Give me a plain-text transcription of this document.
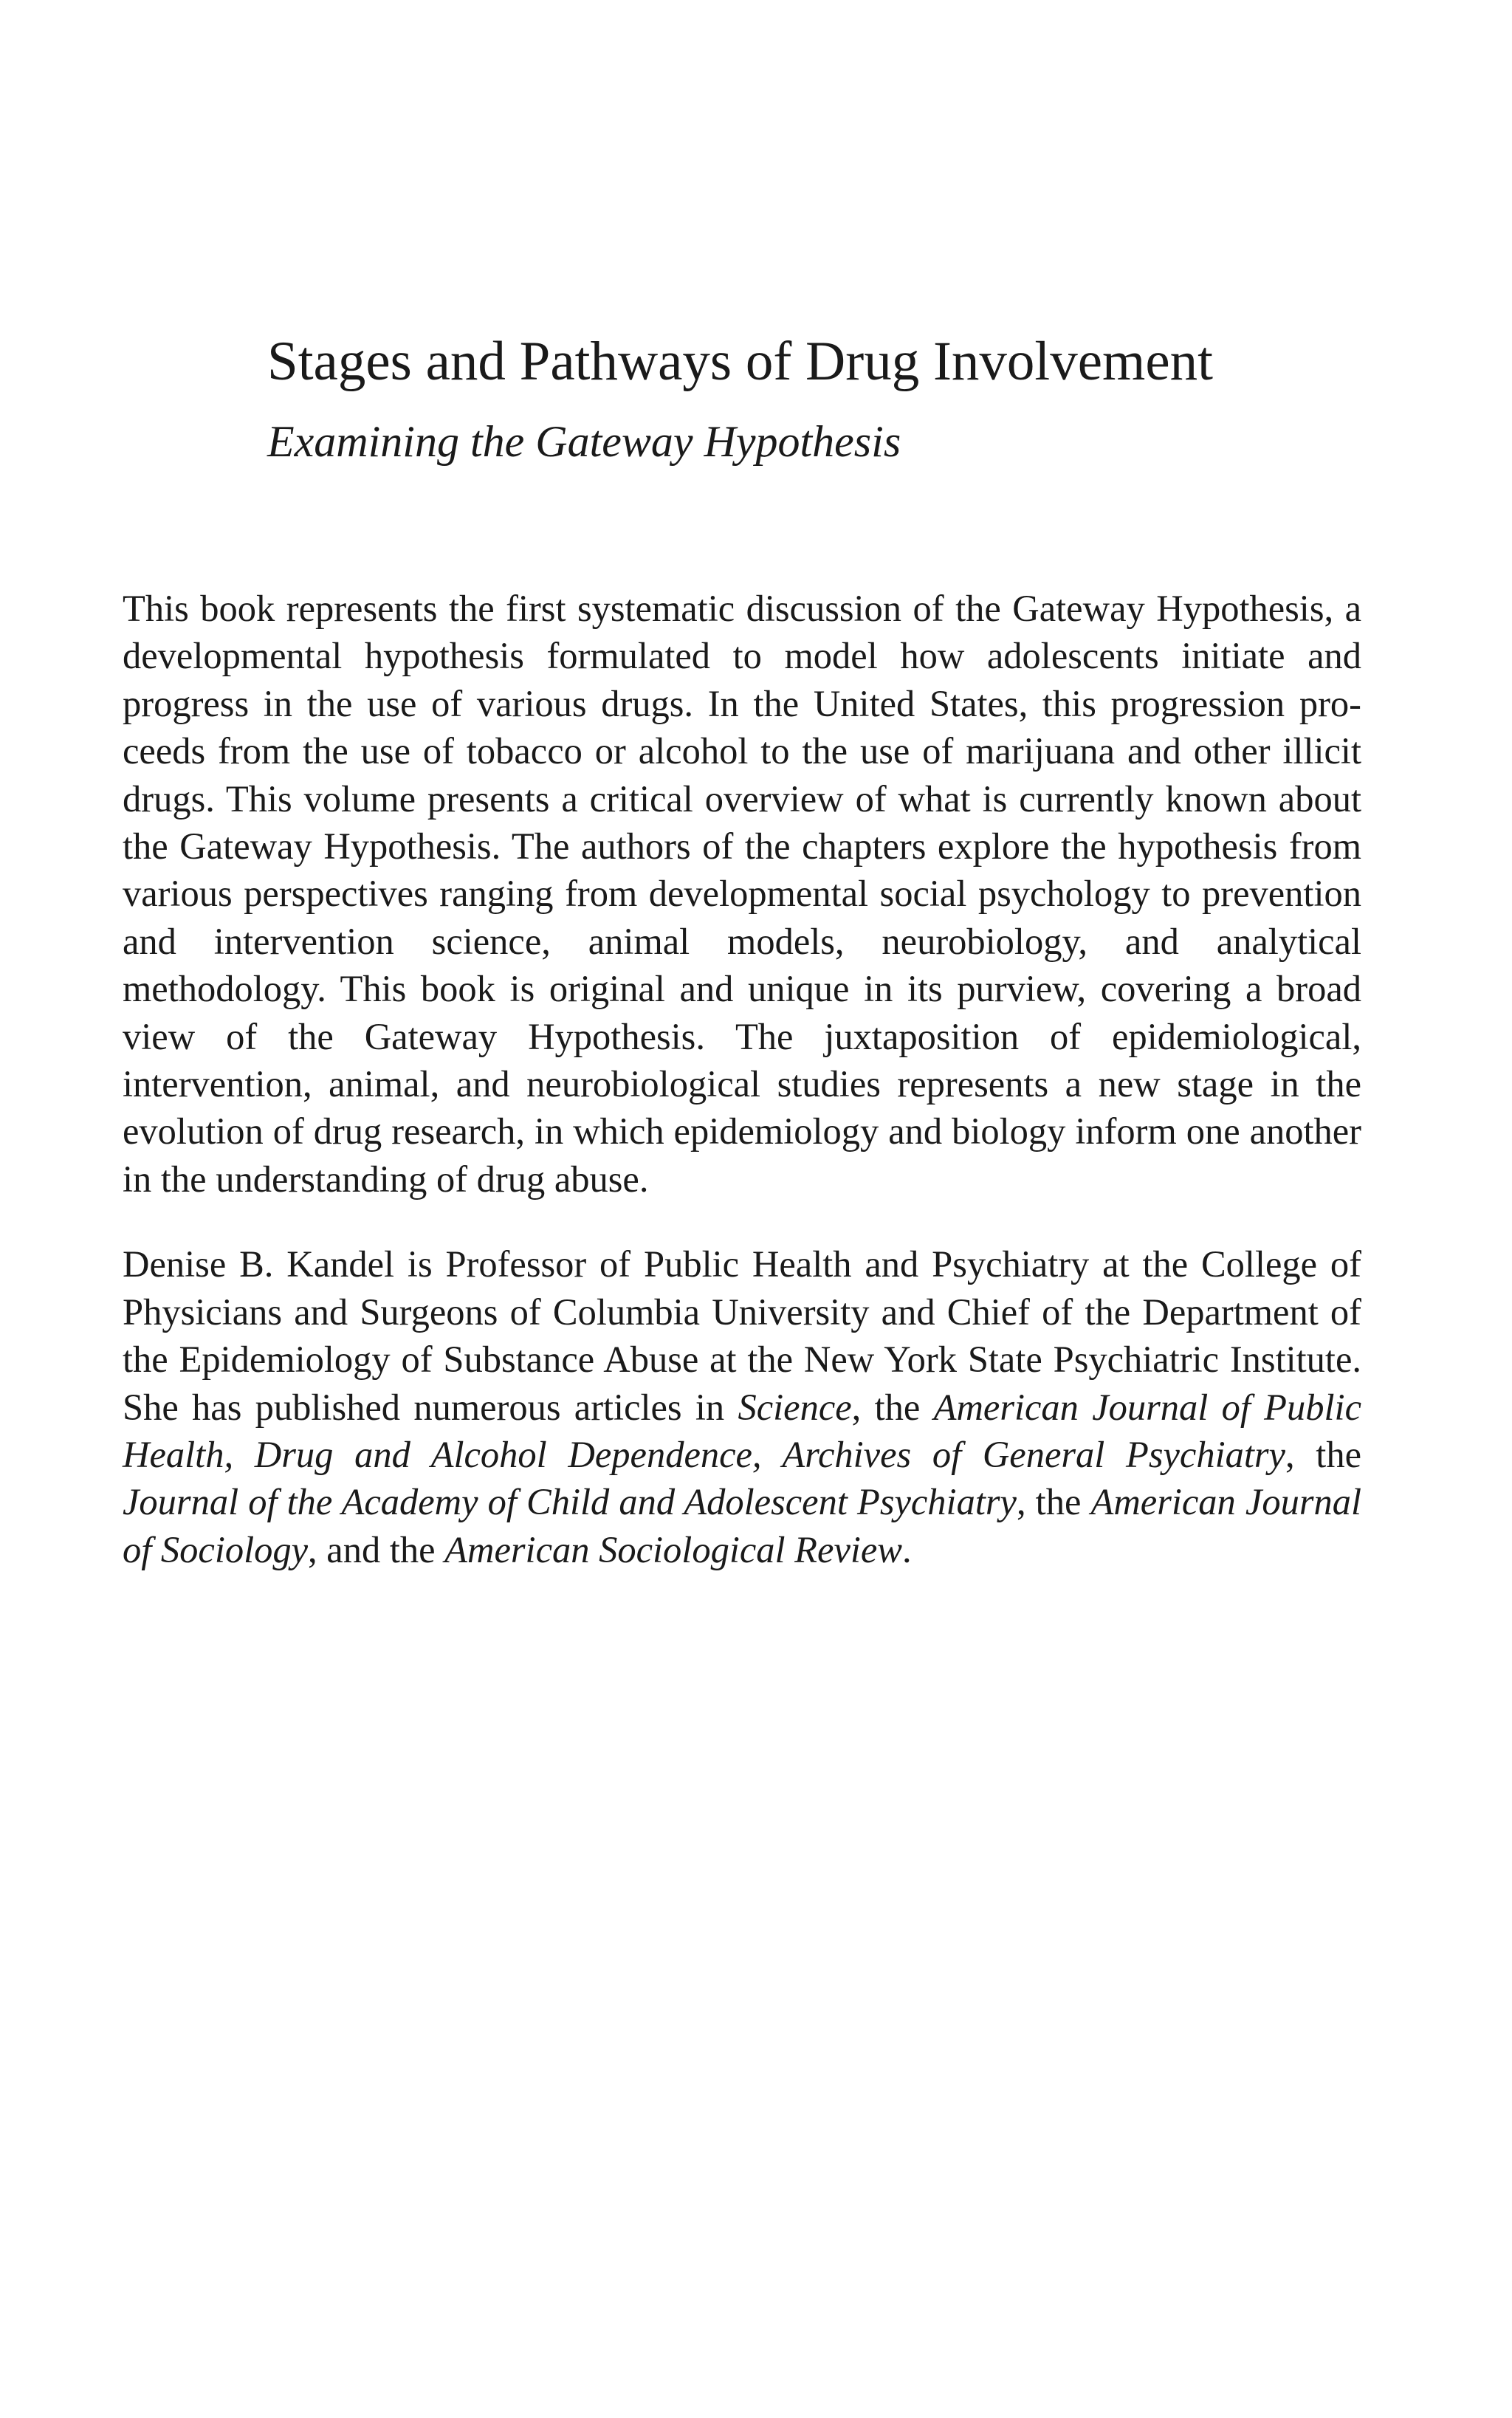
Stages and Pathways of Drug Involvement
Examining the Gateway Hypothesis

This book represents the first systematic discussion of the Gateway Hypothesis, a developmental hypothesis formulated to model how adolescents initiate and progress in the use of various drugs. In the United States, this progression proceeds from the use of tobacco or alcohol to the use of marijuana and other illicit drugs. This volume presents a critical overview of what is currently known about the Gateway Hypothesis. The authors of the chapters explore the hypothesis from various perspectives ranging from developmental social psychology to prevention and intervention science, animal models, neurobiology, and analytical methodology. This book is original and unique in its purview, covering a broad view of the Gateway Hypothesis. The juxtaposition of epidemiological, intervention, animal, and neurobiological studies represents a new stage in the evolution of drug research, in which epidemiology and biology inform one another in the understanding of drug abuse.

Denise B. Kandel is Professor of Public Health and Psychiatry at the College of Physicians and Surgeons of Columbia University and Chief of the Department of the Epidemiology of Substance Abuse at the New York State Psychiatric Institute. She has published numerous articles in Science, the American Journal of Public Health, Drug and Alcohol Dependence, Archives of General Psychiatry, the Journal of the Academy of Child and Adolescent Psychiatry, the American Journal of Sociology, and the American Sociological Review.
